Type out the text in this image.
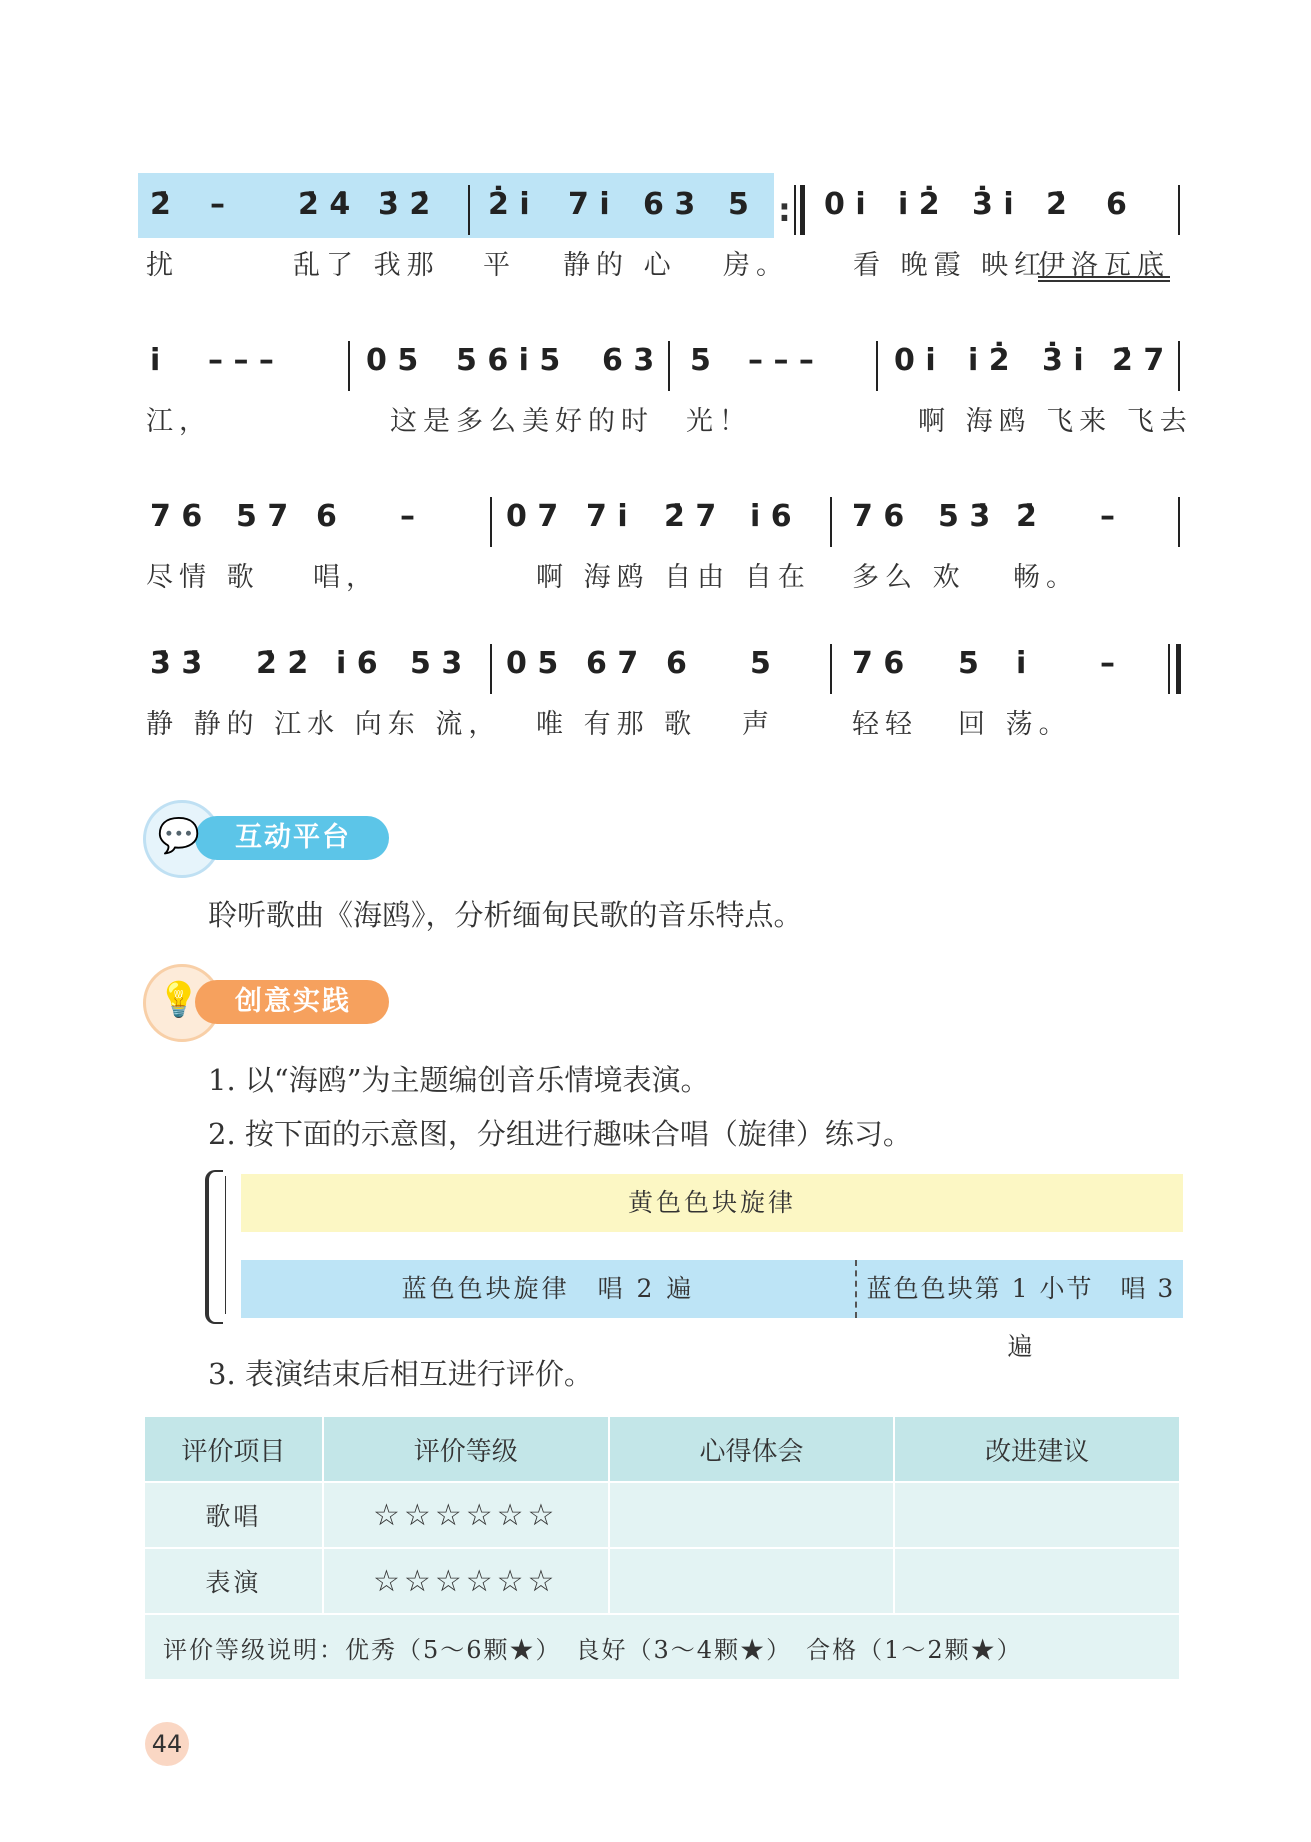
2̇ – 2̇ 4̇ 3̇ 2̇ 2̇ i 7 i 6 3 5 : 0 i i 2̇ 3̇ i 2̇ 6
扰	乱了 我那 平 静的 心 房。 看 晚霞 映红
伊洛瓦底
i – – –	0 5 5 6 i 5 6 3 5 – – –	0 i i 2̇ 3̇ i 2̇ 7
江，	这是多么美好的时 光！	啊 海鸥 飞来 飞去
7 6 5 7 6 –	0 7 7 i 2̇ 7 i 6 7 6 5 3̇ 2̇ –
尽情 歌 唱，	啊 海鸥 自由 自在 多么 欢 畅。
3̇ 3̇ 2̇ 2̇ i 6 5 3 0 5 6 7 6 5	7 6 5 i –
静 静的 江水 向东 流， 唯 有那 歌 声	轻轻 回 荡。
互动平台
💬
聆听歌曲《海鸥》，分析缅甸民歌的音乐特点。
创意实践
💡
1. 以“海鸥”为主题编创音乐情境表演。
2. 按下面的示意图，分组进行趣味合唱（旋律）练习。
黄色色块旋律
蓝色色块旋律　唱 2 遍	蓝色色块第 1 小节　唱 3 遍
3. 表演结束后相互进行评价。
评价项目	评价等级	心得体会	改进建议
歌唱	☆☆☆☆☆☆		
表演	☆☆☆☆☆☆		
评价等级说明：优秀（5～6颗★）　良好（3～4颗★）　合格（1～2颗★）			
44
